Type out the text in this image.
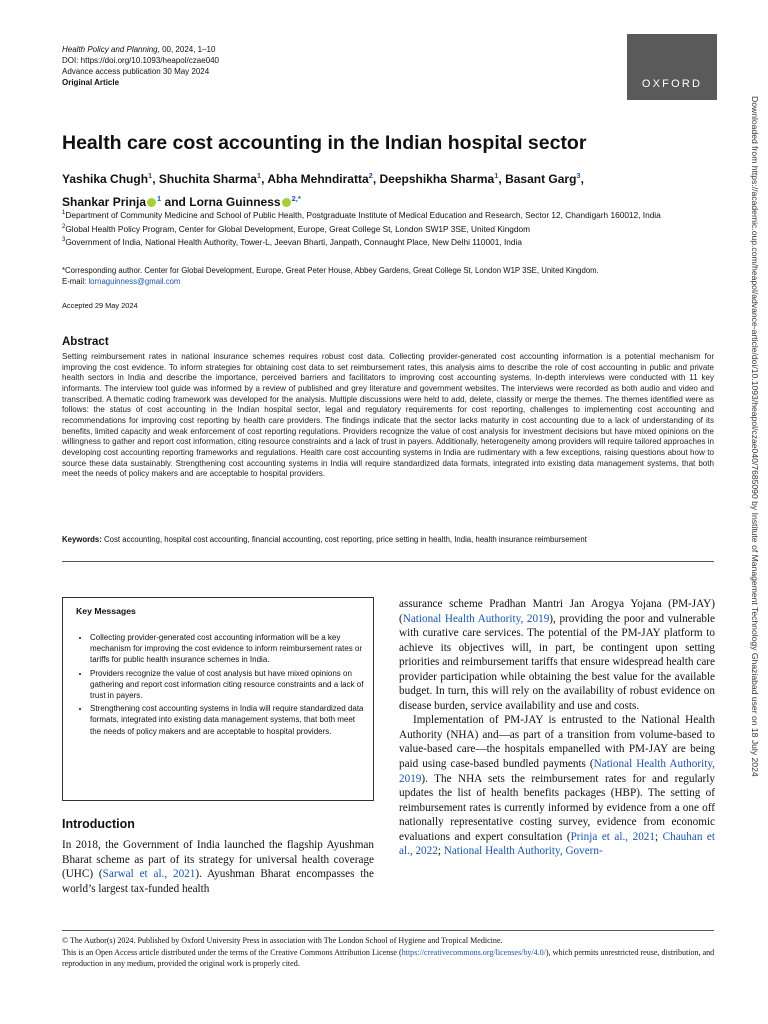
Health Policy and Planning, 00, 2024, 1–10
DOI: https://doi.org/10.1093/heapol/czae040
Advance access publication 30 May 2024
Original Article	OXFORD
Downloaded from https://academic.oup.com/heapol/advance-article/doi/10.1093/heapol/czae040/7685090 by Institute of Management Technology Ghaziabad user on 18 July 2024
Health care cost accounting in the Indian hospital sector
Yashika Chugh$^1$, Shuchita Sharma$^1$, Abha Mehndiratta$^2$, Deepshikha Sharma$^1$, Basant Garg$^3$,
Shankar Prinja $^1$ and Lorna Guinness $^{2,*}$
$^1$Department of Community Medicine and School of Public Health, Postgraduate Institute of Medical Education and Research, Sector 12, Chandigarh 160012, India
$^2$Global Health Policy Program, Center for Global Development, Europe, Great College St, London SW1P 3SE, United Kingdom
$^3$Government of India, National Health Authority, Tower-L, Jeevan Bharti, Janpath, Connaught Place, New Delhi 110001, India
*Corresponding author. Center for Global Development, Europe, Great Peter House, Abbey Gardens, Great College St, London W1P 3SE, United Kingdom.
E-mail: lornaguinness@gmail.com
Accepted 29 May 2024
Abstract
Setting reimbursement rates in national insurance schemes requires robust cost data. Collecting provider-generated cost accounting information is a potential mechanism for improving the cost evidence. To inform strategies for obtaining cost data to set reimbursement rates, this analysis aims to describe the role of cost accounting in public and private health sectors in India and describe the importance, perceived barriers and facilitators to improving cost accounting systems. In-depth interviews were conducted with 11 key informants. The interview tool guide was informed by a review of published and grey literature and government websites. The interviews were recorded as both audio and video and transcribed. A thematic coding framework was developed for the analysis. Multiple discussions were held to add, delete, classify or merge the themes. The themes identified were as follows: the status of cost accounting in the Indian hospital sector, legal and regulatory requirements for cost reporting, challenges to implementing cost accounting and recommendations for improving cost reporting by health care providers. The findings indicate that the sector lacks maturity in cost accounting due to a lack of understanding of its benefits, limited capacity and weak enforcement of cost reporting regulations. Providers recognize the value of cost analysis for investment decisions but have mixed opinions on the willingness to gather and report cost information, citing resource constraints and a lack of trust in payers. Additionally, heterogeneity among providers will require tailored approaches in developing cost accounting reporting frameworks and regulations. Health care cost accounting systems in India are rudimentary with a few exceptions, raising questions about how to source these data sustainably. Strengthening cost accounting systems in India will require standardized data formats, integrated into existing data management systems, that both meet the needs of policy makers and are acceptable to hospital providers.
Keywords: Cost accounting, hospital cost accounting, financial accounting, cost reporting, price setting in health, India, health insurance reimbursement
Key Messages
• Collecting provider-generated cost accounting information will be a key mechanism for improving the cost evidence to inform reimbursement rates or tariffs for public health insurance schemes in India.
• Providers recognize the value of cost analysis but have mixed opinions on gathering and report cost information citing resource constraints and a lack of trust in payers.
• Strengthening cost accounting systems in India will require standardized data formats, integrated into existing data management systems, that both meet the needs of policy makers and are acceptable to hospital providers.
Introduction

In 2018, the Government of India launched the flagship Ayushman Bharat scheme as part of its strategy for universal health coverage (UHC) (Sarwal et al., 2021). Ayushman Bharat encompasses the world’s largest tax-funded health

assurance scheme Pradhan Mantri Jan Arogya Yojana (PM-JAY) (National Health Authority, 2019), providing the poor and vulnerable with curative care services. The potential of the PM-JAY platform to achieve its objectives will, in part, be contingent upon setting priorities and reimbursement tariffs that ensure widespread health care provider participation while obtaining the best value for the available budget. In turn, this will rely on the availability of robust evidence on disease burden, service availability and use and costs.

Implementation of PM-JAY is entrusted to the National Health Authority (NHA) and—as part of a transition from volume-based to value-based care—the hospitals empanelled with PM-JAY are being paid using case-based bundled payments (National Health Authority, 2019). The NHA sets the reimbursement rates for and regularly updates the list of health benefits packages (HBP). The setting of reimbursement rates is currently informed by evidence from a one off nationally representative costing survey, evidence from economic evaluations and expert consultation (Prinja et al., 2021; Chauhan et al., 2022; National Health Authority, Govern-

© The Author(s) 2024. Published by Oxford University Press in association with The London School of Hygiene and Tropical Medicine.
This is an Open Access article distributed under the terms of the Creative Commons Attribution License (https://creativecommons.org/licenses/by/4.0/), which permits unrestricted reuse, distribution, and reproduction in any medium, provided the original work is properly cited.
